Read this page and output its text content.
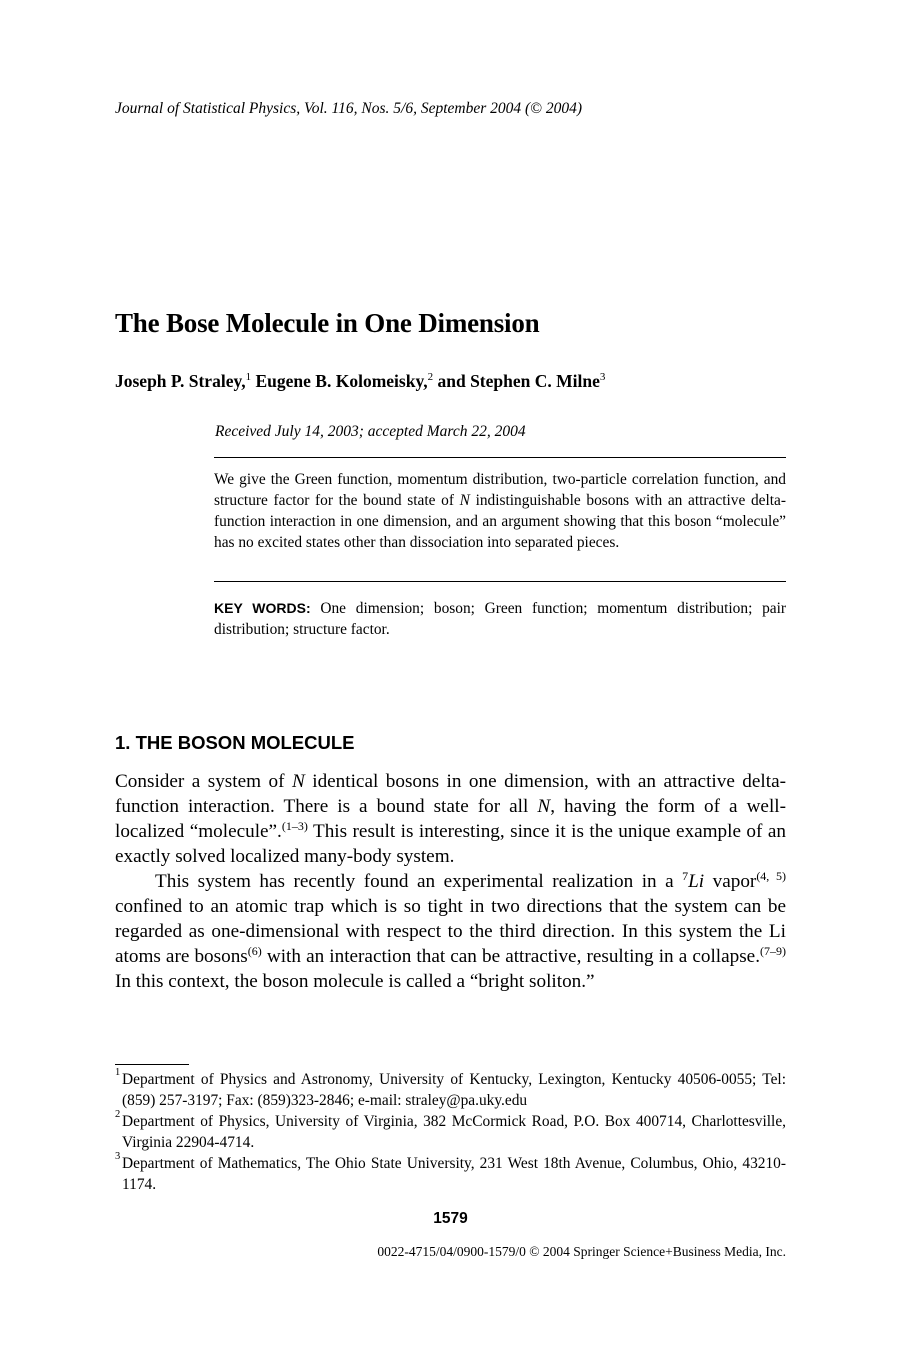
Journal of Statistical Physics, Vol. 116, Nos. 5/6, September 2004 (© 2004)
The Bose Molecule in One Dimension
Joseph P. Straley,$^1$ Eugene B. Kolomeisky,$^2$ and Stephen C. Milne$^3$
Received July 14, 2003; accepted March 22, 2004
We give the Green function, momentum distribution, two-particle correlation function, and structure factor for the bound state of N indistinguishable bosons with an attractive delta-function interaction in one dimension, and an argument showing that this boson “molecule” has no excited states other than dissociation into separated pieces.
KEY WORDS: One dimension; boson; Green function; momentum distribution; pair distribution; structure factor.
1. THE BOSON MOLECULE

Consider a system of N identical bosons in one dimension, with an attractive delta-function interaction. There is a bound state for all N, having the form of a well-localized “molecule”.$^{(1-3)}$ This result is interesting, since it is the unique example of an exactly solved localized many-body system.

This system has recently found an experimental realization in a $^7$Li vapor$^{(4, 5)}$ confined to an atomic trap which is so tight in two directions that the system can be regarded as one-dimensional with respect to the third direction. In this system the Li atoms are bosons$^{(6)}$ with an interaction that can be attractive, resulting in a collapse.$^{(7-9)}$ In this context, the boson molecule is called a “bright soliton.”

1 Department of Physics and Astronomy, University of Kentucky, Lexington, Kentucky 40506-0055; Tel: (859) 257-3197; Fax: (859)323-2846; e-mail: straley@pa.uky.edu

2 Department of Physics, University of Virginia, 382 McCormick Road, P.O. Box 400714, Charlottesville, Virginia 22904-4714.

3 Department of Mathematics, The Ohio State University, 231 West 18th Avenue, Columbus, Ohio, 43210-1174.

1579
0022-4715/04/0900-1579/0 © 2004 Springer Science+Business Media, Inc.
